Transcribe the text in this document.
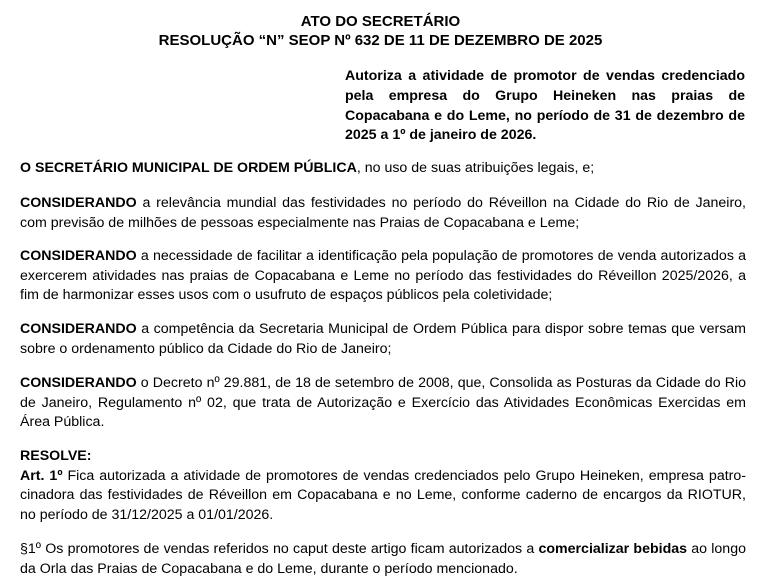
ATO DO SECRETÁRIO
RESOLUÇÃO “N” SEOP Nº 632 DE 11 DE DEZEMBRO DE 2025
Autoriza a atividade de promotor de vendas credenciado pela empresa do Grupo Heineken nas praias de Copacabana e do Leme, no período de 31 de dezembro de 2025 a 1º de janeiro de 2026.
O SECRETÁRIO MUNICIPAL DE ORDEM PÚBLICA, no uso de suas atribuições legais, e;
CONSIDERANDO a relevância mundial das festividades no período do Réveillon na Cidade do Rio de Janeiro, com previsão de milhões de pessoas especialmente nas Praias de Copacabana e Leme;
CONSIDERANDO a necessidade de facilitar a identificação pela população de promotores de venda autorizados a exercerem atividades nas praias de Copacabana e Leme no período das festividades do Réveillon 2025/2026, a fim de harmonizar esses usos com o usufruto de espaços públicos pela coletividade;
CONSIDERANDO a competência da Secretaria Municipal de Ordem Pública para dispor sobre temas que versam sobre o ordenamento público da Cidade do Rio de Janeiro;
CONSIDERANDO o Decreto nº 29.881, de 18 de setembro de 2008, que, Consolida as Posturas da Cidade do Rio de Janeiro, Regulamento nº 02, que trata de Autorização e Exercício das Atividades Econômicas Exercidas em Área Pública.
RESOLVE:
Art. 1º Fica autorizada a atividade de promotores de vendas credenciados pelo Grupo Heineken, empresa patro-cinadora das festividades de Réveillon em Copacabana e no Leme, conforme caderno de encargos da RIOTUR, no período de 31/12/2025 a 01/01/2026.
§1º Os promotores de vendas referidos no caput deste artigo ficam autorizados a comercializar bebidas ao longo da Orla das Praias de Copacabana e do Leme, durante o período mencionado.
